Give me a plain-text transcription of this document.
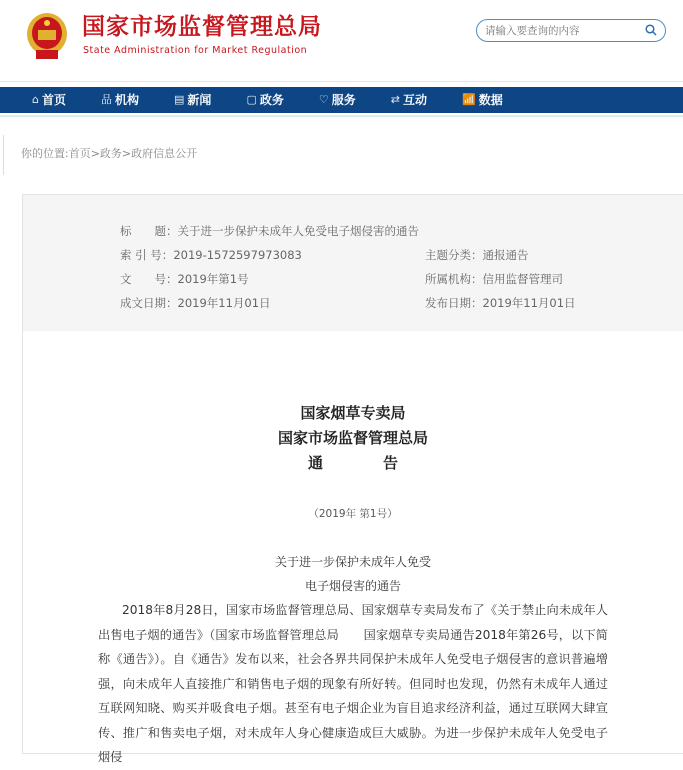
国家市场监督管理总局
State Administration for Market Regulation
请输入要查询的内容
⌂ 首页	品 机构	▤ 新闻	▢ 政务	♡ 服务	⇄ 互动	📶 数据
你的位置:首页>政务>政府信息公开
标　　题：关于进一步保护未成年人免受电子烟侵害的通告
索 引 号：2019-1572597973083	主题分类：通报通告
文　　号：2019年第1号	所属机构：信用监督管理司
成文日期：2019年11月01日	发布日期：2019年11月01日
国家烟草专卖局
国家市场监督管理总局
通　　　　告
（2019年 第1号）
关于进一步保护未成年人免受
电子烟侵害的通告

2018年8月28日，国家市场监督管理总局、国家烟草专卖局发布了《关于禁止向未成年人出售电子烟的通告》（国家市场监督管理总局　　国家烟草专卖局通告2018年第26号，以下简称《通告》）。自《通告》发布以来，社会各界共同保护未成年人免受电子烟侵害的意识普遍增强，向未成年人直接推广和销售电子烟的现象有所好转。但同时也发现，仍然有未成年人通过互联网知晓、购买并吸食电子烟。甚至有电子烟企业为盲目追求经济利益，通过互联网大肆宣传、推广和售卖电子烟，对未成年人身心健康造成巨大威胁。为进一步保护未成年人免受电子烟侵
